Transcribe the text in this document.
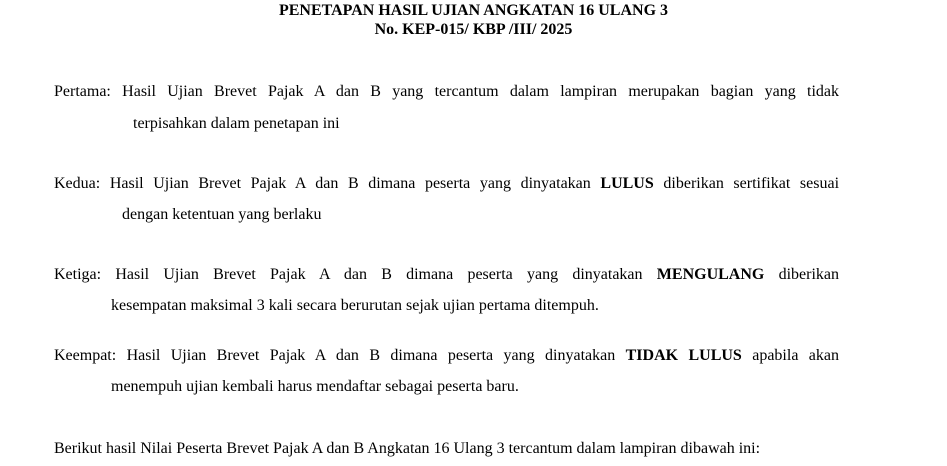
PENETAPAN HASIL UJIAN ANGKATAN 16 ULANG 3
No. KEP-015/ KBP /III/ 2025
Pertama: Hasil Ujian Brevet Pajak A dan B yang tercantum dalam lampiran merupakan bagian yang tidak
terpisahkan dalam penetapan ini
Kedua: Hasil Ujian Brevet Pajak A dan B dimana peserta yang dinyatakan LULUS diberikan sertifikat sesuai
dengan ketentuan yang berlaku
Ketiga: Hasil Ujian Brevet Pajak A dan B dimana peserta yang dinyatakan MENGULANG diberikan
kesempatan maksimal 3 kali secara berurutan sejak ujian pertama ditempuh.
Keempat: Hasil Ujian Brevet Pajak A dan B dimana peserta yang dinyatakan TIDAK LULUS apabila akan
menempuh ujian kembali harus mendaftar sebagai peserta baru.
Berikut hasil Nilai Peserta Brevet Pajak A dan B Angkatan 16 Ulang 3 tercantum dalam lampiran dibawah ini:
